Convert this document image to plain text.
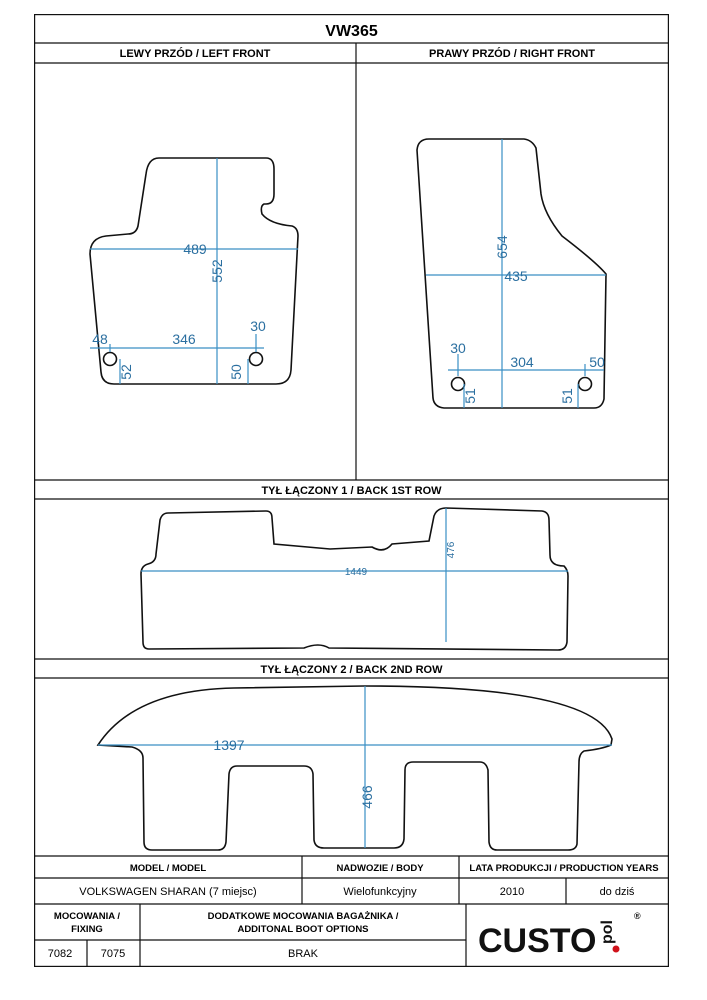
VW365
LEWY PRZÓD / LEFT FRONT	PRAWY PRZÓD / RIGHT FRONT
TYŁ ŁĄCZONY 1 / BACK 1ST ROW
TYŁ ŁĄCZONY 2 / BACK 2ND ROW
489
552
346
48
30
52	50
435
654
304
30
50
51	51
1449
476
1397
466
MODEL / MODEL	NADWOZIE / BODY	LATA PRODUKCJI / PRODUCTION YEARS
VOLKSWAGEN SHARAN (7 miejsc)	Wielofunkcyjny	2010	do dziś
MOCOWANIA /
FIXING
DODATKOWE MOCOWANIA BAGAŻNIKA /
ADDITONAL BOOT OPTIONS
7082	7075	BRAK	CUSTO pol
®
